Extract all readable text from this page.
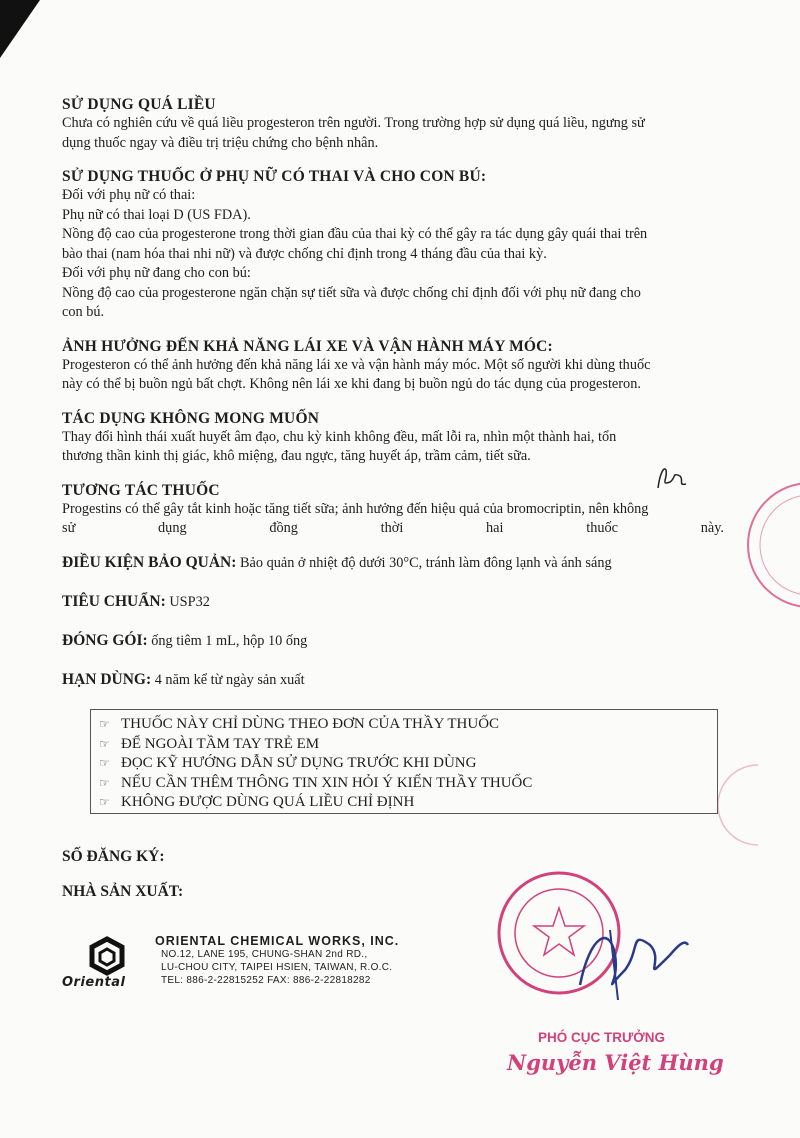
SỬ DỤNG QUÁ LIỀU

Chưa có nghiên cứu về quá liều progesteron trên người. Trong trường hợp sử dụng quá liều, ngưng sử

dụng thuốc ngay và điều trị triệu chứng cho bệnh nhân.

SỬ DỤNG THUỐC Ở PHỤ NỮ CÓ THAI VÀ CHO CON BÚ:

Đối với phụ nữ có thai:

Phụ nữ có thai loại D (US FDA).

Nồng độ cao của progesterone trong thời gian đầu của thai kỳ có thể gây ra tác dụng gây quái thai trên

bào thai (nam hóa thai nhi nữ) và được chống chỉ định trong 4 tháng đầu của thai kỳ.

Đối với phụ nữ đang cho con bú:

Nồng độ cao của progesterone ngăn chặn sự tiết sữa và được chống chỉ định đối với phụ nữ đang cho

con bú.

ẢNH HƯỞNG ĐẾN KHẢ NĂNG LÁI XE VÀ VẬN HÀNH MÁY MÓC:

Progesteron có thể ảnh hưởng đến khả năng lái xe và vận hành máy móc. Một số người khi dùng thuốc

này có thể bị buồn ngủ bất chợt. Không nên lái xe khi đang bị buồn ngủ do tác dụng của progesteron.

TÁC DỤNG KHÔNG MONG MUỐN

Thay đổi hình thái xuất huyết âm đạo, chu kỳ kinh không đều, mất lỗi ra, nhìn một thành hai, tổn

thương thần kinh thị giác, khô miệng, đau ngực, tăng huyết áp, trầm cảm, tiết sữa.

TƯƠNG TÁC THUỐC

Progestins có thể gây tắt kinh hoặc tăng tiết sữa; ảnh hưởng đến hiệu quả của bromocriptin, nên không

sử dụng đồng thời hai thuốc này.

ĐIỀU KIỆN BẢO QUẢN: Bảo quản ở nhiệt độ dưới 30°C, tránh làm đông lạnh và ánh sáng
TIÊU CHUẨN: USP32
ĐÓNG GÓI: ống tiêm 1 mL, hộp 10 ống
HẠN DÙNG: 4 năm kể từ ngày sản xuất
☞ THUỐC NÀY CHỈ DÙNG THEO ĐƠN CỦA THẦY THUỐC
☞ ĐỂ NGOÀI TẦM TAY TRẺ EM
☞ ĐỌC KỸ HƯỚNG DẪN SỬ DỤNG TRƯỚC KHI DÙNG
☞ NẾU CẦN THÊM THÔNG TIN XIN HỎI Ý KIẾN THẦY THUỐC
☞ KHÔNG ĐƯỢC DÙNG QUÁ LIỀU CHỈ ĐỊNH
SỐ ĐĂNG KÝ:
NHÀ SẢN XUẤT:
Oriental
ORIENTAL CHEMICAL WORKS, INC.
NO.12, LANE 195, CHUNG-SHAN 2nd RD.,
LU-CHOU CITY, TAIPEI HSIEN, TAIWAN, R.O.C.
TEL: 886-2-22815252 FAX: 886-2-22818282
PHÓ CỤC TRƯỞNG
Nguyễn Việt Hùng
